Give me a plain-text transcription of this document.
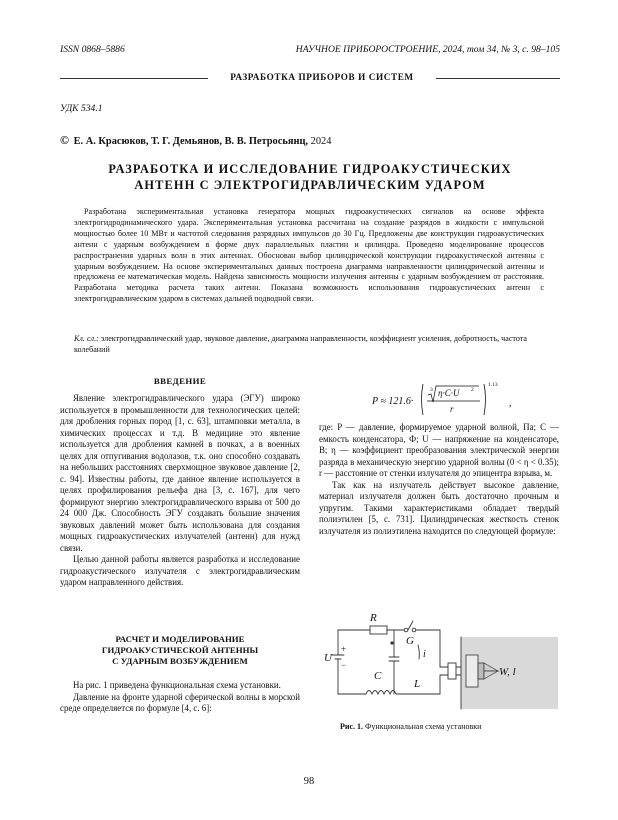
ISSN 0868–5886	НАУЧНОЕ ПРИБОРОСТРОЕНИЕ, 2024, том 34, № 3, с. 98–105
РАЗРАБОТКА ПРИБОРОВ И СИСТЕМ
УДК 534.1
© Е. А. Красюков, Т. Г. Демьянов, В. В. Петросьянц, 2024
РАЗРАБОТКА И ИССЛЕДОВАНИЕ ГИДРОАКУСТИЧЕСКИХ
АНТЕНН С ЭЛЕКТРОГИДРАВЛИЧЕСКИМ УДАРОМ
Разработана экспериментальная установка генератора мощных гидроакустических сигналов на основе эффекта электрогидродинамического удара. Экспериментальная установка рассчитана на создание разрядов в жидкости с импульсной мощностью более 10 МВт и частотой следования разрядных импульсов до 30 Гц. Предложены две конструкции гидроакустических антенн с ударным возбуждением в форме двух параллельных пластин и цилиндра. Проведено моделирование процессов распространения ударных волн в этих антеннах. Обоснован выбор цилиндрической конструкции гидроакустической антенны с ударным возбуждением. На основе экспериментальных данных построена диаграмма направленности цилиндрической антенны и предложена ее математическая модель. Найдена зависимость мощности излучения антенны с ударным возбуждением от расстояния. Разработана методика расчета таких антенн. Показана возможность использования гидроакустических антенн с электрогидравлическим ударом в системах дальней подводной связи.
Кл. сл.: электрогидравлический удар, звуковое давление, диаграмма направленности, коэффициент усиления, добротность, частота колебаний
ВВЕДЕНИЕ

Явление электрогидравлического удара (ЭГУ) широко используется в промышленности для технологических целей: для дробления горных пород [1, с. 63], штамповки металла, в химических процессах и т.д. В медицине это явление используется для дробления камней в почках, а в военных целях для отпугивания водолазов, т.к. оно способно создавать на небольших расстояниях сверхмощное звуковое давление [2, с. 94]. Известны работы, где данное явление используется в целях профилирования рельефа дна [3, с. 167], для чего формируют энергию электрогидравлического взрыва от 500 до 24 000 Дж. Способность ЭГУ создавать большие значения звуковых давлений может быть использована для создания мощных гидроакустических излучателей (антенн) для нужд связи.

Целью данной работы является разработка и исследование гидроакустического излучателя с электрогидравлическим ударом направленного действия.

РАСЧЕТ И МОДЕЛИРОВАНИЕ
ГИДРОАКУСТИЧЕСКОЙ АНТЕННЫ
С УДАРНЫМ ВОЗБУЖДЕНИЕМ

На рис. 1 приведена функциональная схема установки.

Давление на фронте ударной сферической волны в морской среде определяется по формуле [4, с. 6]:

P ≈ 121.6·
3 η·C·U 2
r
1.13
,

где: P — давление, формируемое ударной волной, Па; C — емкость конденсатора, Ф; U — напряжение на конденсаторе, В; η — коэффициент преобразования электрической энергии разряда в механическую энергию ударной волны (0 < η < 0.35); r — расстояние от стенки излучателя до эпицентра взрыва, м.

Так как на излучатель действует высокое давление, материал излучателя должен быть достаточно прочным и упругим. Такими характеристиками обладает твердый полиэтилен [5, с. 731]. Цилиндрическая жесткость стенок излучателя из полиэтилена находится по следующей формуле:

R
G
U
+
−
C
i
L
W, l
Рис. 1. Функциональная схема установки
98
